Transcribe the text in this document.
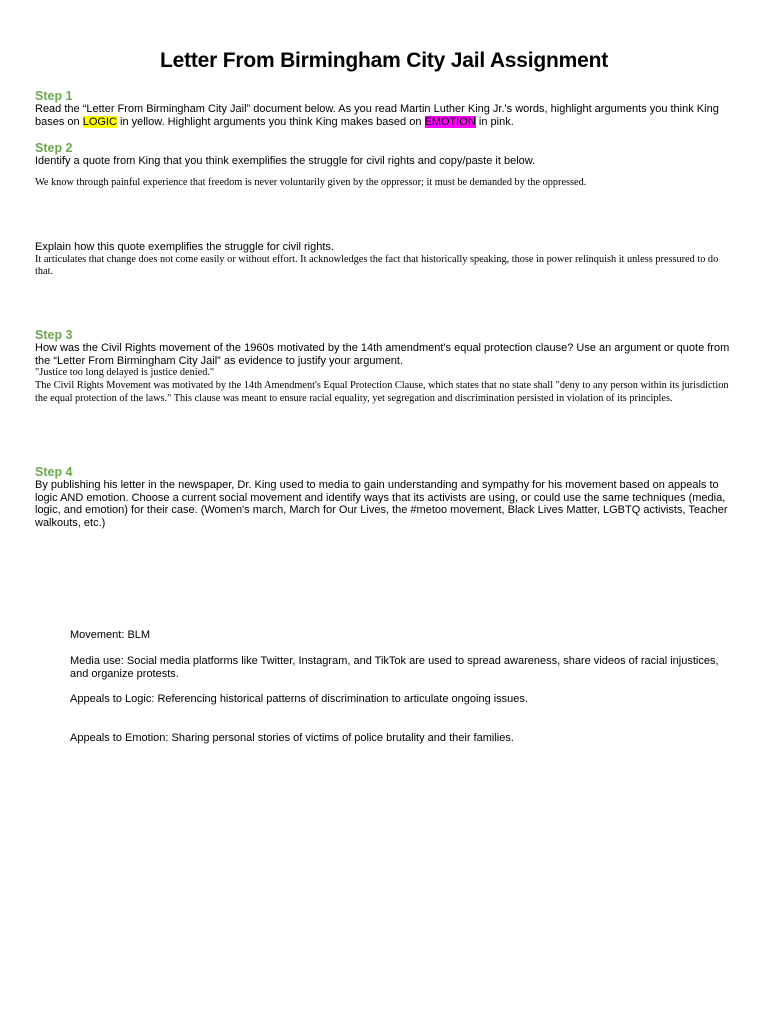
Letter From Birmingham City Jail Assignment
Step 1

Read the “Letter From Birmingham City Jail” document below. As you read Martin Luther King Jr.'s words, highlight arguments you think King bases on LOGIC in yellow. Highlight arguments you think King makes based on EMOTION in pink.

Step 2

Identify a quote from King that you think exemplifies the struggle for civil rights and copy/paste it below.

We know through painful experience that freedom is never voluntarily given by the oppressor; it must be demanded by the oppressed.

Explain how this quote exemplifies the struggle for civil rights.

It articulates that change does not come easily or without effort. It acknowledges the fact that historically speaking, those in power relinquish it unless pressured to do that.

Step 3

How was the Civil Rights movement of the 1960s motivated by the 14th amendment's equal protection clause? Use an argument or quote from the “Letter From Birmingham City Jail” as evidence to justify your argument.

"Justice too long delayed is justice denied."

The Civil Rights Movement was motivated by the 14th Amendment's Equal Protection Clause, which states that no state shall "deny to any person within its jurisdiction the equal protection of the laws." This clause was meant to ensure racial equality, yet segregation and discrimination persisted in violation of its principles.

Step 4

By publishing his letter in the newspaper, Dr. King used to media to gain understanding and sympathy for his movement based on appeals to logic AND emotion. Choose a current social movement and identify ways that its activists are using, or could use the same techniques (media, logic, and emotion) for their case. (Women's march, March for Our Lives, the #metoo movement, Black Lives Matter, LGBTQ activists, Teacher walkouts, etc.)

Movement: BLM

Media use: Social media platforms like Twitter, Instagram, and TikTok are used to spread awareness, share videos of racial injustices, and organize protests.

Appeals to Logic: Referencing historical patterns of discrimination to articulate ongoing issues.

Appeals to Emotion: Sharing personal stories of victims of police brutality and their families.
